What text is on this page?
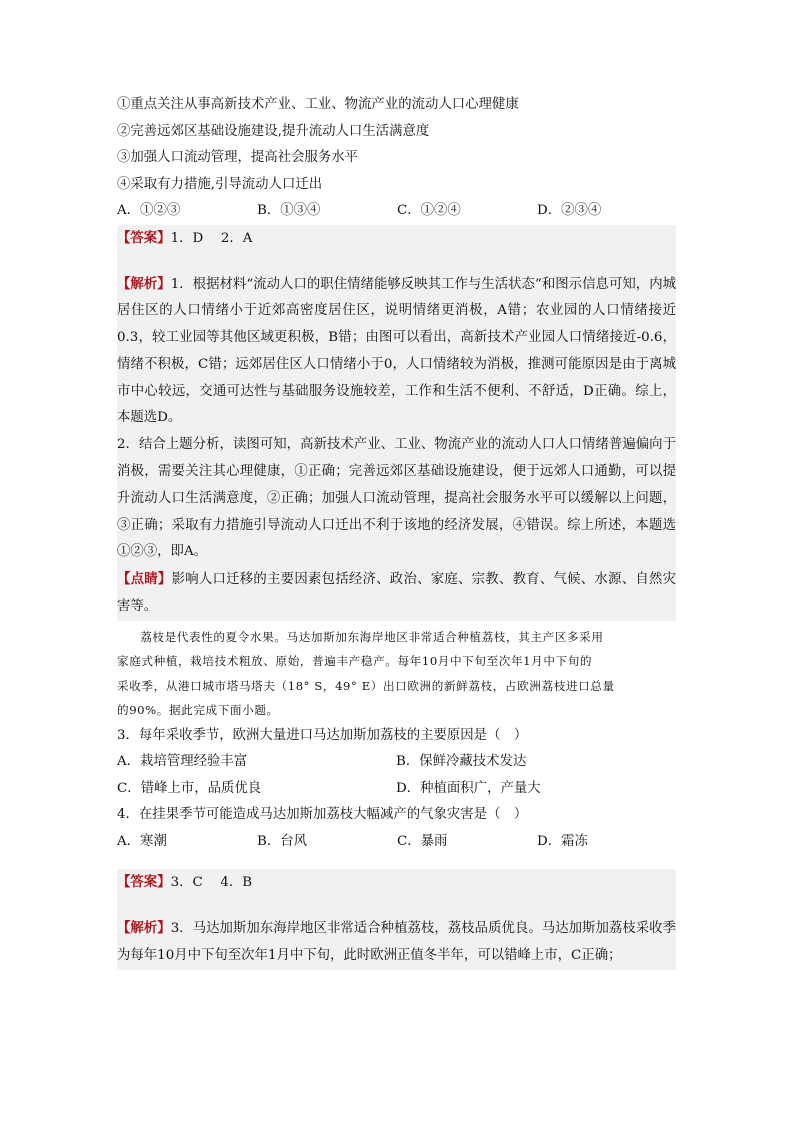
①重点关注从事高新技术产业、工业、物流产业的流动人口心理健康
②完善远郊区基础设施建设,提升流动人口生活满意度
③加强人口流动管理，提高社会服务水平
④采取有力措施,引导流动人口迁出
A．①②③	B．①③④	C．①②④	D．②③④
【答案】1．D　 2．A
【解析】1．根据材料“流动人口的职住情绪能够反映其工作与生活状态”和图示信息可知，内城居住区的人口情绪小于近郊高密度居住区，说明情绪更消极，A错；农业园的人口情绪接近0.3，较工业园等其他区域更积极，B错；由图可以看出，高新技术产业园人口情绪接近-0.6，情绪不积极，C错；远郊居住区人口情绪小于0，人口情绪较为消极，推测可能原因是由于离城市中心较远，交通可达性与基础服务设施较差，工作和生活不便利、不舒适，D正确。综上，本题选D。
2．结合上题分析，读图可知，高新技术产业、工业、物流产业的流动人口人口情绪普遍偏向于消极，需要关注其心理健康，①正确；完善远郊区基础设施建设，便于远郊人口通勤，可以提升流动人口生活满意度，②正确；加强人口流动管理，提高社会服务水平可以缓解以上问题，③正确；采取有力措施引导流动人口迁出不利于该地的经济发展，④错误。综上所述，本题选①②③，即A。
【点睛】影响人口迁移的主要因素包括经济、政治、家庭、宗教、教育、气候、水源、自然灾害等。

荔枝是代表性的夏令水果。马达加斯加东海岸地区非常适合种植荔枝，其主产区多采用

家庭式种植，栽培技术粗放、原始，普遍丰产稳产。每年10月中下旬至次年1月中下旬的

采收季，从港口城市塔马塔夫（18° S，49° E）出口欧洲的新鲜荔枝，占欧洲荔枝进口总量

的90%。据此完成下面小题。

3．每年采收季节，欧洲大量进口马达加斯加荔枝的主要原因是（　）
A．栽培管理经验丰富	B．保鲜冷藏技术发达
C．错峰上市，品质优良	D．种植面积广，产量大
4．在挂果季节可能造成马达加斯加荔枝大幅减产的气象灾害是（　）
A．寒潮	B．台风	C．暴雨	D．霜冻
【答案】3．C　 4．B
【解析】3．马达加斯加东海岸地区非常适合种植荔枝，荔枝品质优良。马达加斯加荔枝采收季为每年10月中下旬至次年1月中下旬，此时欧洲正值冬半年，可以错峰上市，C正确；
